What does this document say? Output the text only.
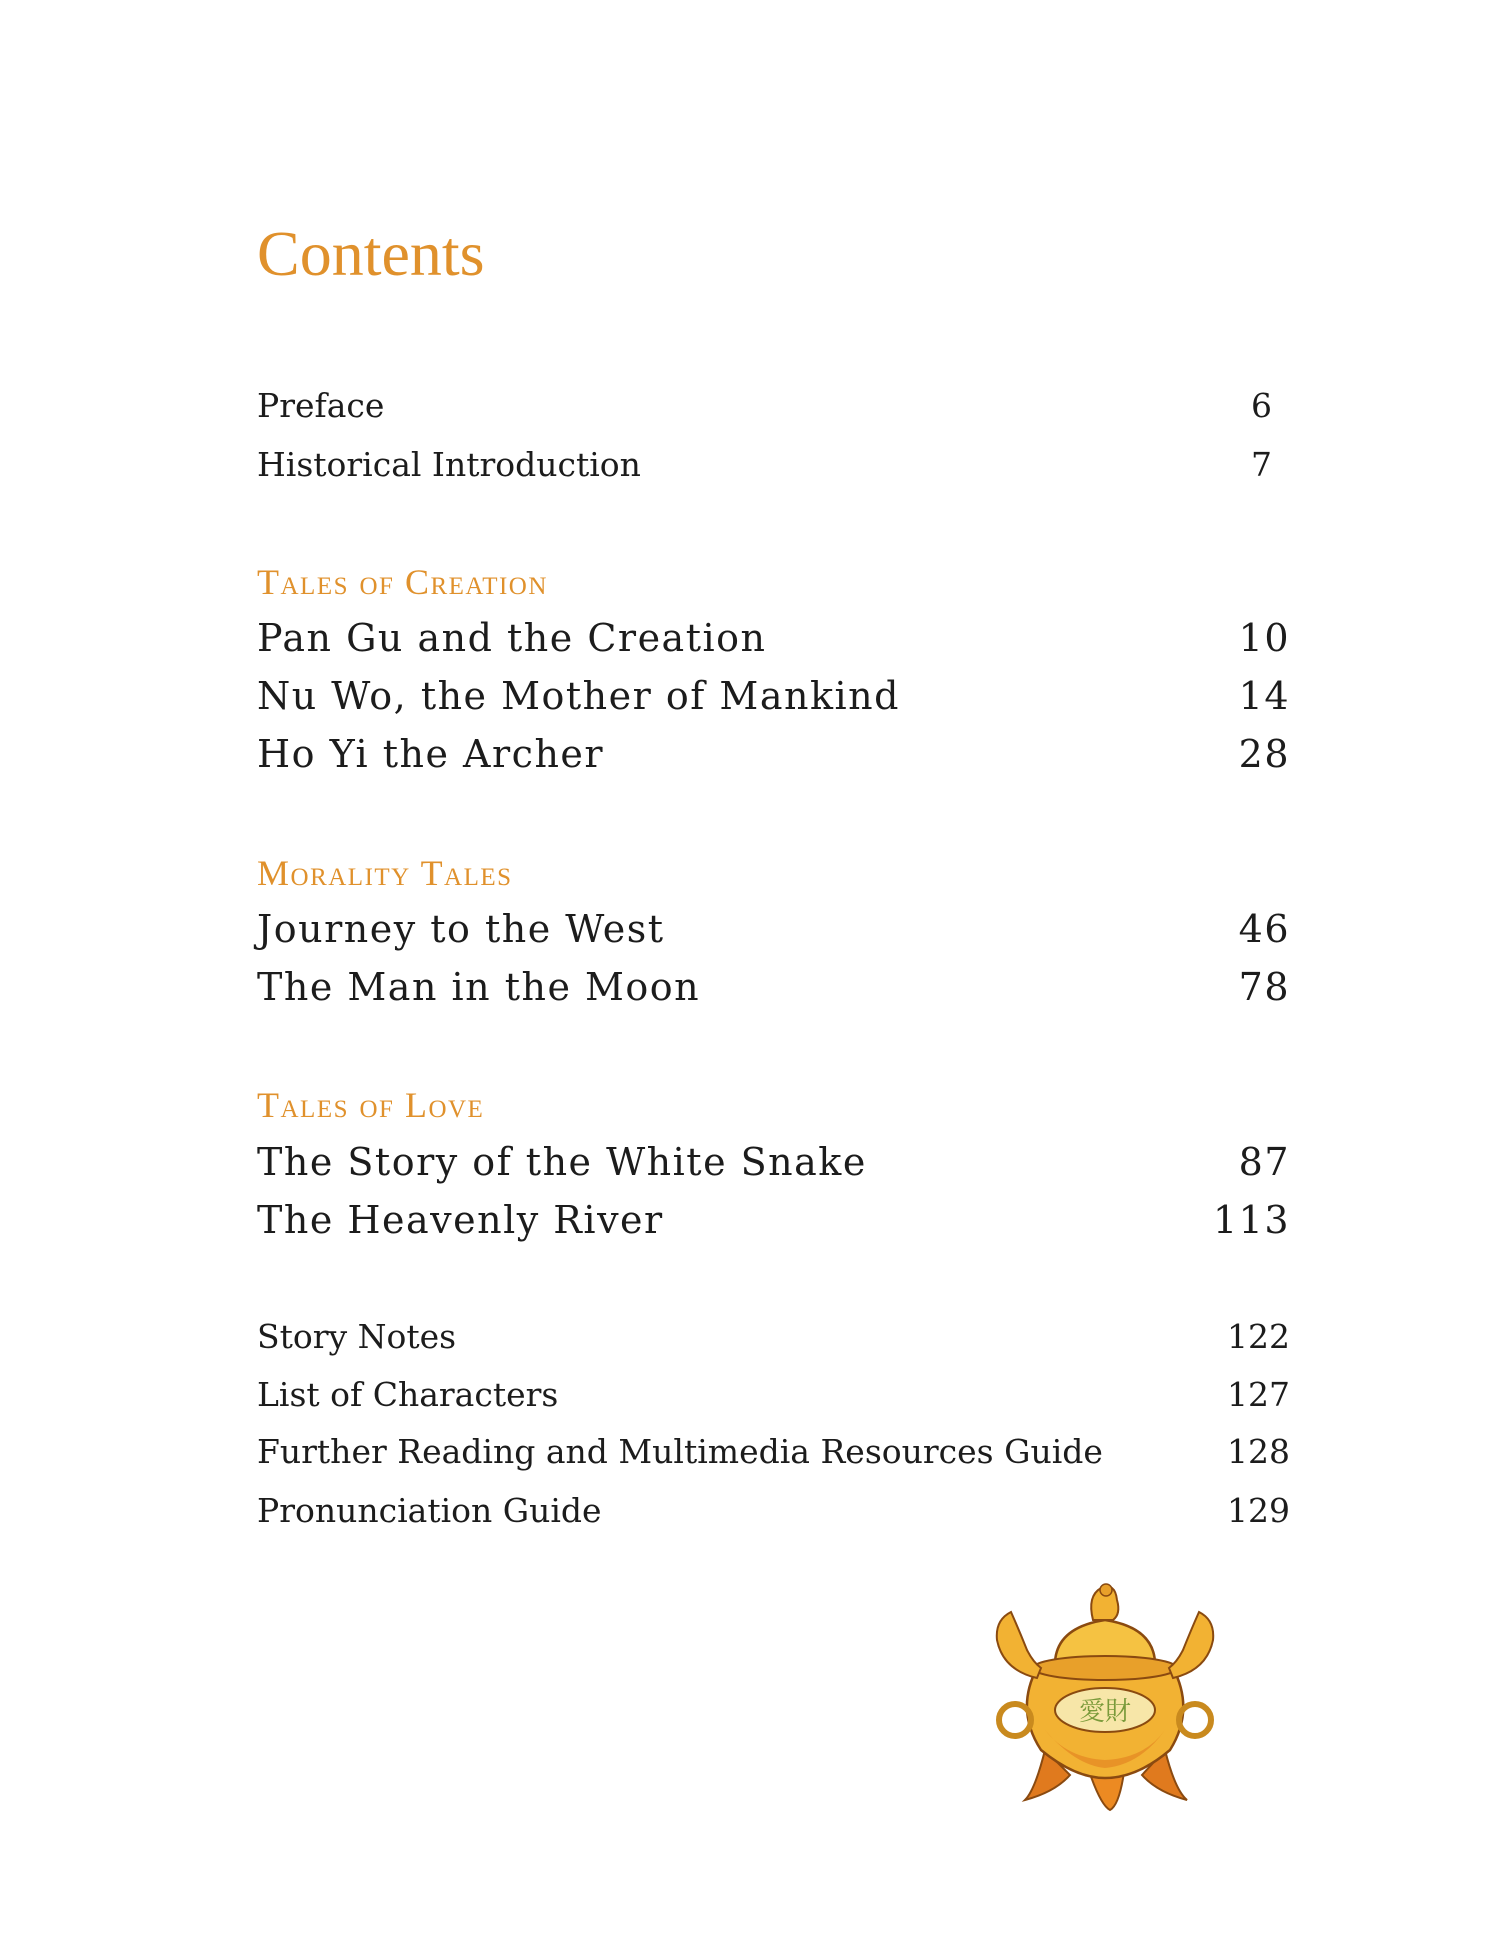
Contents
Preface	6
Historical Introduction	7
Tales of Creation
Pan Gu and the Creation	10
Nu Wo, the Mother of Mankind	14
Ho Yi the Archer	28
Morality Tales
Journey to the West	46
The Man in the Moon	78
Tales of Love
The Story of the White Snake	87
The Heavenly River	113
Story Notes	122
List of Characters	127
Further Reading and Multimedia Resources Guide	128
Pronunciation Guide	129
愛財
